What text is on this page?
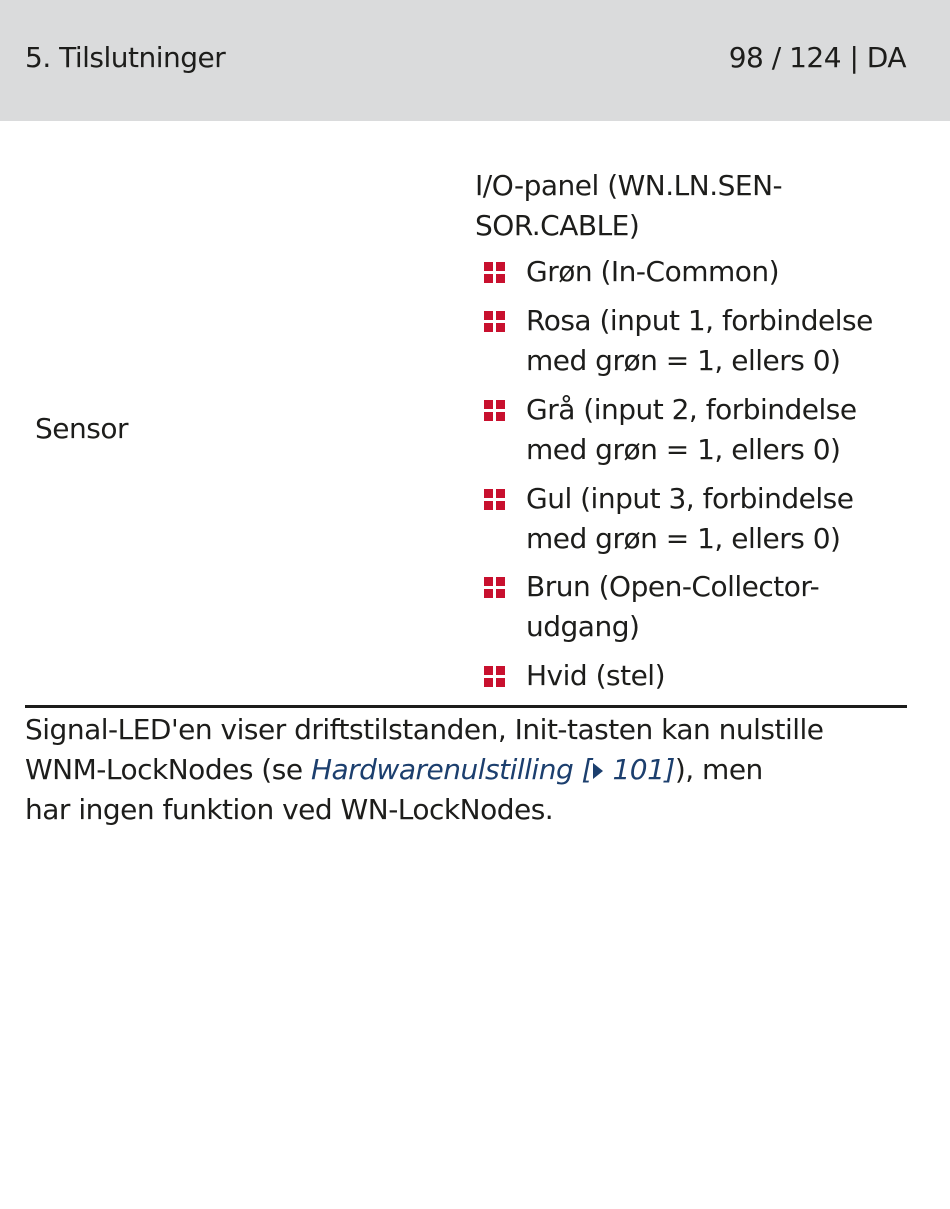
5. Tilslutninger	98 / 124 | DA
Sensor
I/O-panel (WN.LN.SEN-
SOR.CABLE)
Grøn (In-Common)
Rosa (input 1, forbindelse
med grøn = 1, ellers 0)
Grå (input 2, forbindelse
med grøn = 1, ellers 0)
Gul (input 3, forbindelse
med grøn = 1, ellers 0)
Brun (Open-Collector-
udgang)
Hvid (stel)
Signal-LED'en viser driftstilstanden, Init-tasten kan nulstille
WNM-LockNodes (se Hardwarenulstilling [ 101]), men
har ingen funktion ved WN-LockNodes.
